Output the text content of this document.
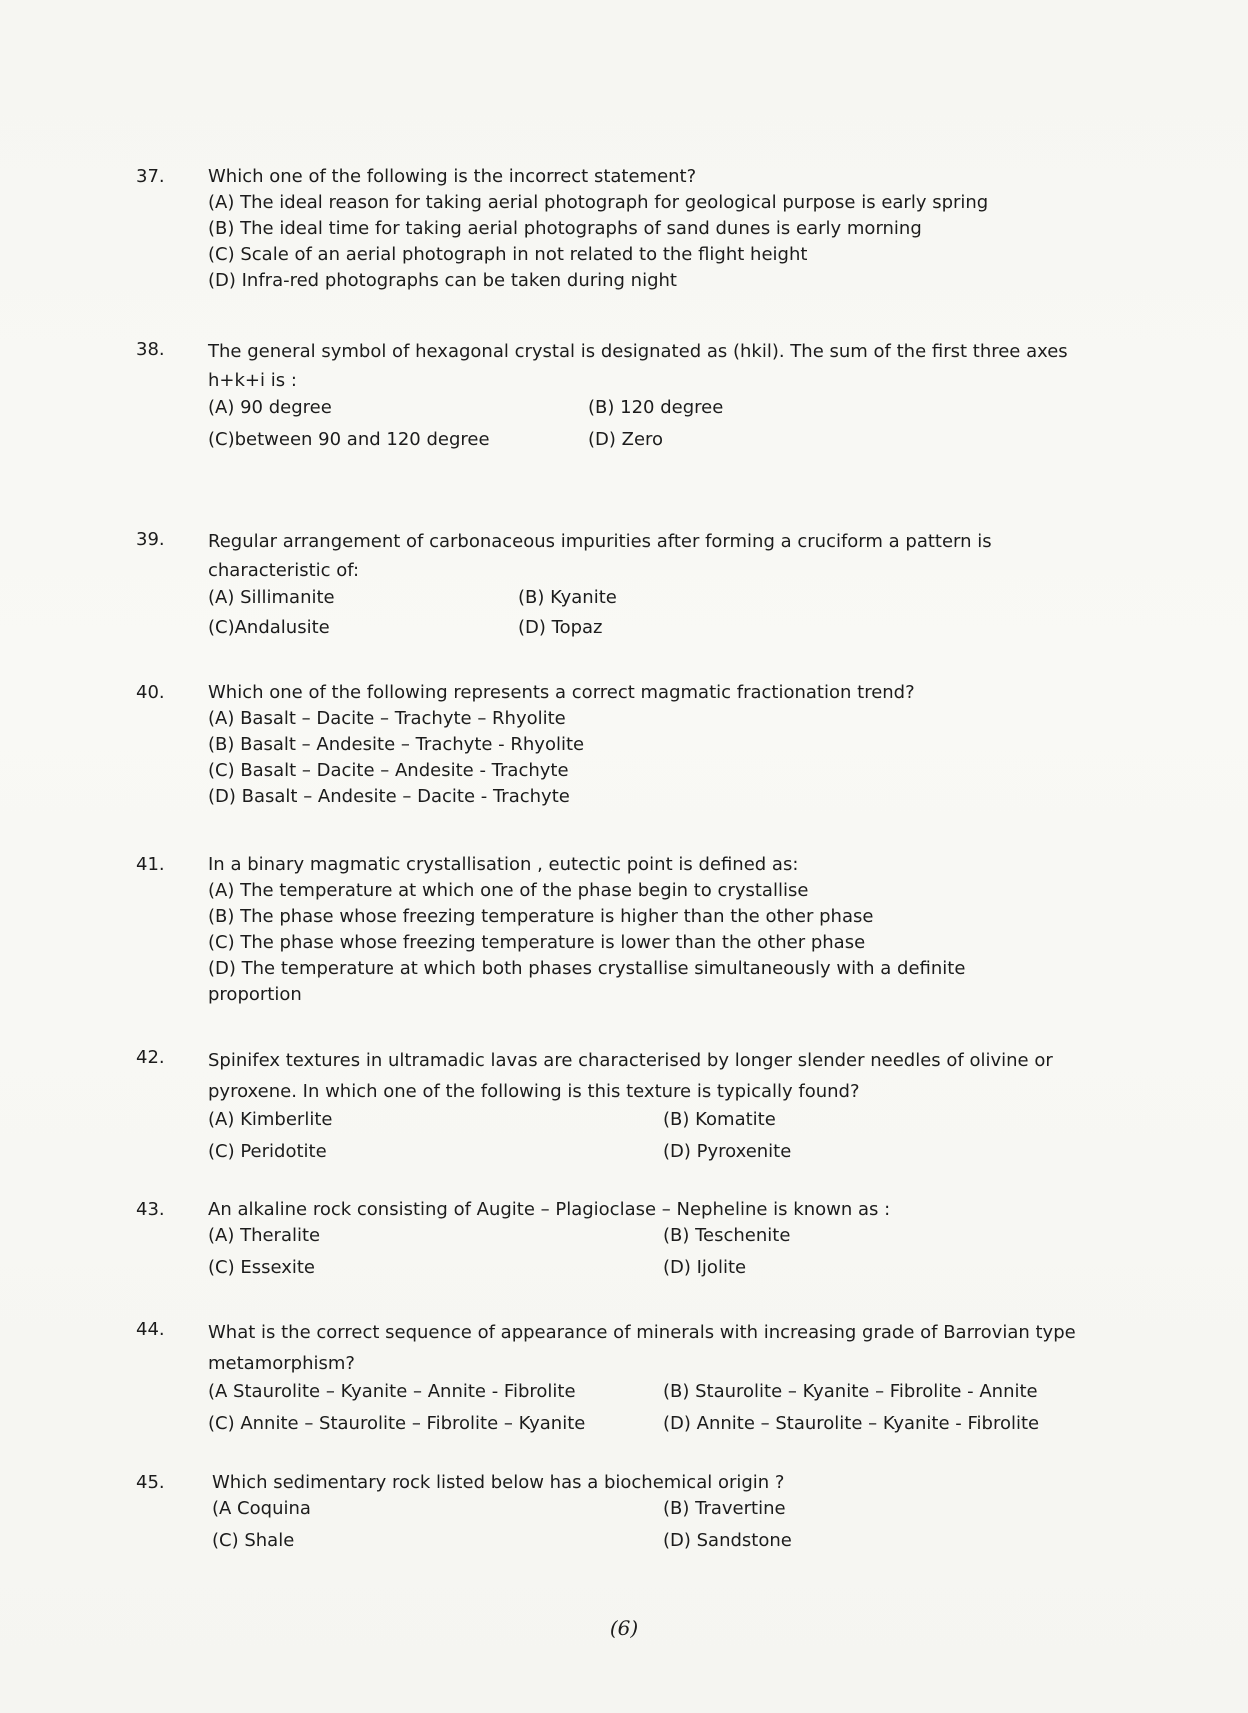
37.	Which one of the following is the incorrect statement?
(A) The ideal reason for taking aerial photograph for geological purpose is early spring
(B) The ideal time for taking aerial photographs of sand dunes is early morning
(C) Scale of an aerial photograph in not related to the flight height
(D) Infra-red photographs can be taken during night
38.	The general symbol of hexagonal crystal is designated as (hkil). The sum of the first three axes h+k+i is :
(A) 90 degree	(B) 120 degree
(C)between 90 and 120 degree	(D) Zero
39.	Regular arrangement of carbonaceous impurities after forming a cruciform a pattern is characteristic of:
(A) Sillimanite	(B) Kyanite
(C)Andalusite	(D) Topaz
40.	Which one of the following represents a correct magmatic fractionation trend?
(A) Basalt – Dacite – Trachyte – Rhyolite
(B) Basalt – Andesite – Trachyte - Rhyolite
(C) Basalt – Dacite – Andesite - Trachyte
(D) Basalt – Andesite – Dacite - Trachyte
41.	In a binary magmatic crystallisation , eutectic point is defined as:
(A) The temperature at which one of the phase begin to crystallise
(B) The phase whose freezing temperature is higher than the other phase
(C) The phase whose freezing temperature is lower than the other phase
(D) The temperature at which both phases crystallise simultaneously with a definite proportion
42.	Spinifex textures in ultramadic lavas are characterised by longer slender needles of olivine or pyroxene. In which one of the following is this texture is typically found?
(A) Kimberlite	(B) Komatite
(C) Peridotite	(D) Pyroxenite
43.	An alkaline rock consisting of Augite – Plagioclase – Nepheline is known as :
(A) Theralite	(B) Teschenite
(C) Essexite	(D) Ijolite
44.	What is the correct sequence of appearance of minerals with increasing grade of Barrovian type metamorphism?
(A Staurolite – Kyanite – Annite - Fibrolite	(B) Staurolite – Kyanite – Fibrolite - Annite
(C) Annite – Staurolite – Fibrolite – Kyanite	(D) Annite – Staurolite – Kyanite - Fibrolite
45.	Which sedimentary rock listed below has a biochemical origin ?
(A Coquina	(B) Travertine
(C) Shale	(D) Sandstone
(6)
